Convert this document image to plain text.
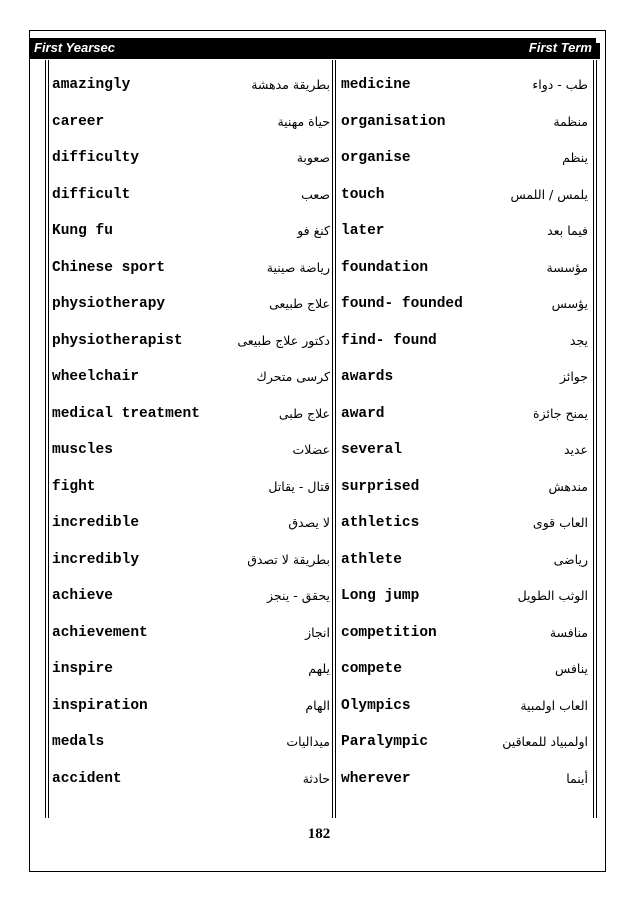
First Yearsec	First Term
amazingly	بطريقة مدهشة medicine	طب - دواء
career	حياة مهنية organisation	منظمة
difficulty	صعوبة organise	ينظم
difficult	صعب touch	يلمس / اللمس
Kung fu	كنغ فو later	فيما بعد
Chinese sport	رياضة صينية foundation	مؤسسة
physiotherapy	علاج طبيعى found- founded	يؤسس
physiotherapist	دكتور علاج طبيعى find- found	يجد
wheelchair	كرسى متحرك awards	جوائز
medical treatment	علاج طبى award	يمنح جائزة
muscles	عضلات several	عديد
fight	قتال - يقاتل surprised	مندهش
incredible	لا يصدق athletics	العاب قوى
incredibly	بطريقة لا تصدق athlete	رياضى
achieve	يحقق - ينجز Long jump	الوثب الطويل
achievement	انجاز competition	منافسة
inspire	يلهم compete	ينافس
inspiration	الهام Olympics	العاب اولمبية
medals	ميداليات Paralympic	اولمبياد للمعاقين
accident	حادثة wherever	أينما
182
